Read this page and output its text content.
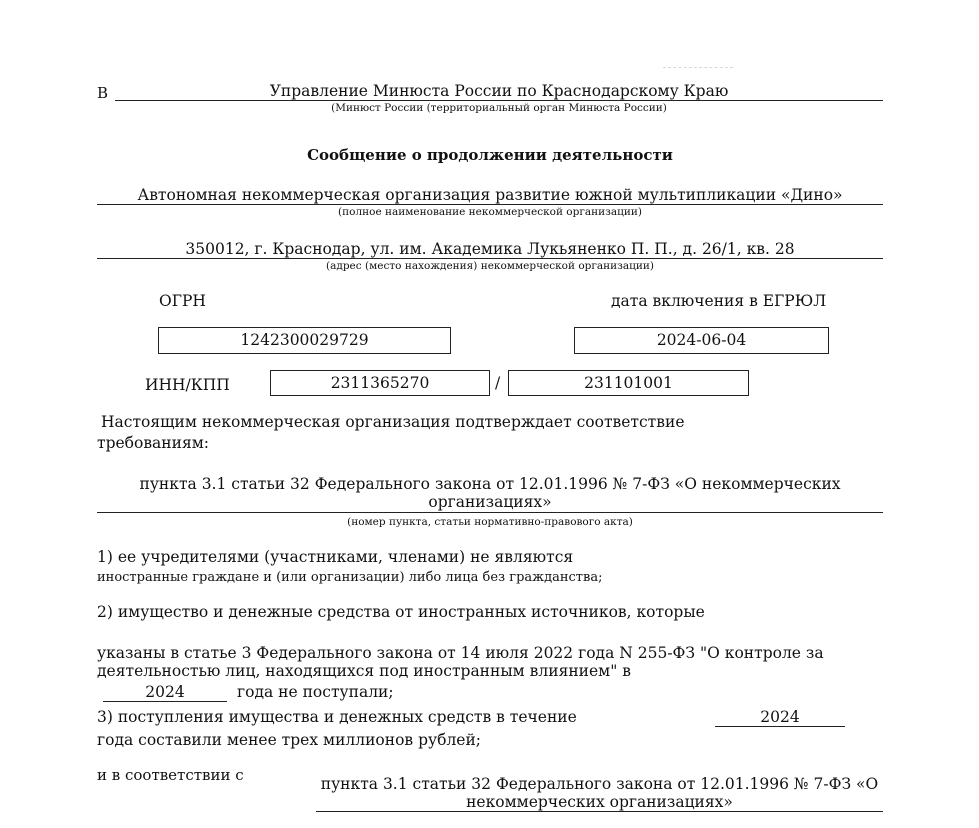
В	Управление Минюста России по Краснодарскому Краю
(Минюст России (территориальный орган Минюста России)
Сообщение о продолжении деятельности
Автономная некоммерческая организация развитие южной мультипликации «Дино»
(полное наименование некоммерческой организации)
350012, г. Краснодар, ул. им. Академика Лукьяненко П. П., д. 26/1, кв. 28
(адрес (место нахождения) некоммерческой организации)
ОГРН	дата включения в ЕГРЮЛ
1242300029729	2024-06-04
ИНН/КПП	2311365270	/	231101001
Настоящим некоммерческая организация подтверждает соответствие
требованиям:
пункта 3.1 статьи 32 Федерального закона от 12.01.1996 № 7-ФЗ «О некоммерческих
организациях»
(номер пункта, статьи нормативно-правового акта)
1) ее учредителями (участниками, членами) не являются
иностранные граждане и (или организации) либо лица без гражданства;
2) имущество и денежные средства от иностранных источников, которые
указаны в статье 3 Федерального закона от 14 июля 2022 года N 255-ФЗ "О контроле за
деятельностью лиц, находящихся под иностранным влиянием" в
2024	года не поступали;
3) поступления имущества и денежных средств в течение	2024
года составили менее трех миллионов рублей;
и в соответствии с	пункта 3.1 статьи 32 Федерального закона от 12.01.1996 № 7-ФЗ «О
некоммерческих организациях»
